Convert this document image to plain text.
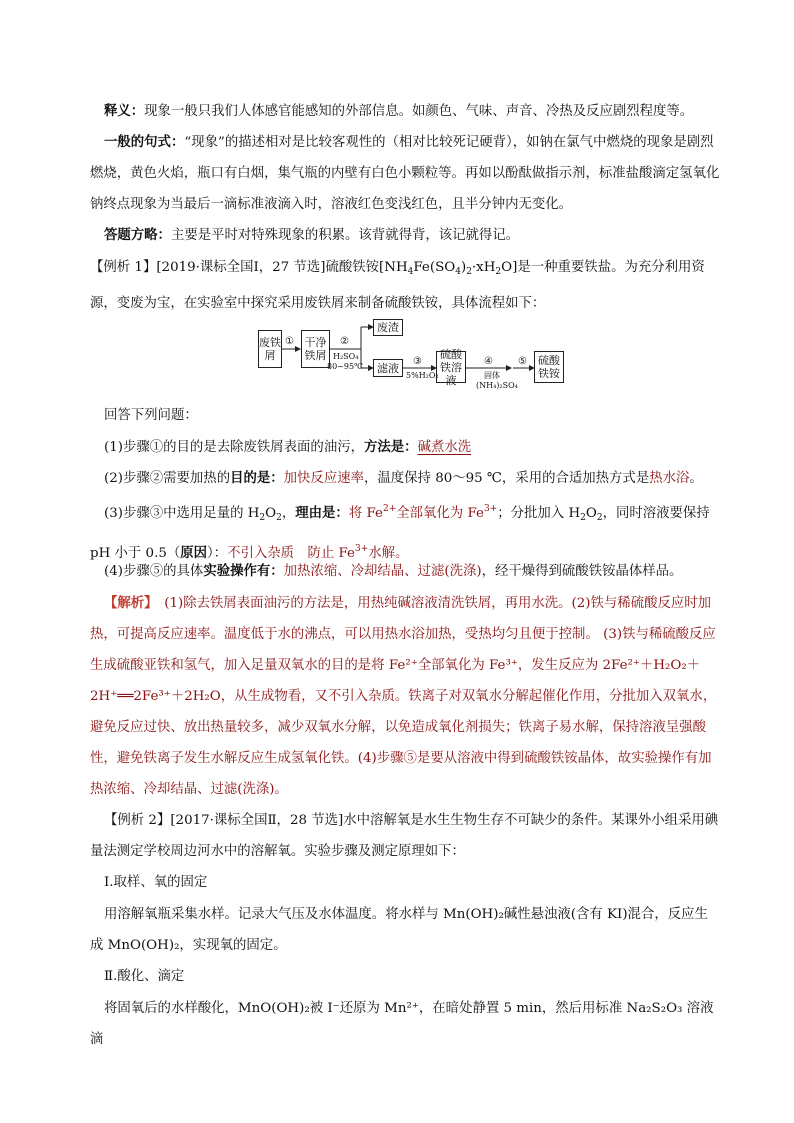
释义：现象一般只我们人体感官能感知的外部信息。如颜色、气味、声音、冷热及反应剧烈程度等。
一般的句式：“现象”的描述相对是比较客观性的（相对比较死记硬背），如钠在氯气中燃烧的现象是剧烈燃烧，黄色火焰，瓶口有白烟，集气瓶的内壁有白色小颗粒等。再如以酚酞做指示剂，标准盐酸滴定氢氧化钠终点现象为当最后一滴标准液滴入时，溶液红色变浅红色，且半分钟内无变化。
答题方略：主要是平时对特殊现象的积累。该背就得背，该记就得记。
【例析 1】[2019·课标全国Ⅰ，27 节选]硫酸铁铵$[NH_4Fe(SO_4)_2\cdot xH_2O]$是一种重要铁盐。为充分利用资源，变废为宝，在实验室中探究采用废铁屑来制备硫酸铁铵，具体流程如下：
废铁屑
干净铁屑
废渣
滤液
硫酸铁溶液
硫酸铁铵
①	②
H₂SO₄
80~95℃	③
5%H₂O₂
④
固体
(NH₄)₂SO₄
⑤
回答下列问题：
(1)步骤①的目的是去除废铁屑表面的油污，方法是：碱煮水洗
(2)步骤②需要加热的目的是：加快反应速率，温度保持 80～95 ℃，采用的合适加热方式是热水浴。
(3)步骤③中选用足量的 $H_2O_2$，理由是：将 $Fe^{2+}$全部氧化为 $Fe^{3+}$；分批加入 $H_2O_2$，同时溶液要保持 pH 小于 0.5（原因）：不引入杂质　防止 $Fe^{3+}$水解。
(4)步骤⑤的具体实验操作有：加热浓缩、冷却结晶、过滤(洗涤)，经干燥得到硫酸铁铵晶体样品。
【解析】　(1)除去铁屑表面油污的方法是，用热纯碱溶液清洗铁屑，再用水洗。(2)铁与稀硫酸反应时加热，可提高反应速率。温度低于水的沸点，可以用热水浴加热，受热均匀且便于控制。 (3)铁与稀硫酸反应生成硫酸亚铁和氢气，加入足量双氧水的目的是将 Fe²⁺全部氧化为 Fe³⁺，发生反应为 2Fe²⁺＋H₂O₂＋2H⁺══2Fe³⁺＋2H₂O，从生成物看，又不引入杂质。铁离子对双氧水分解起催化作用，分批加入双氧水，避免反应过快、放出热量较多，减少双氧水分解，以免造成氧化剂损失；铁离子易水解，保持溶液呈强酸性，避免铁离子发生水解反应生成氢氧化铁。(4)步骤⑤是要从溶液中得到硫酸铁铵晶体，故实验操作有加热浓缩、冷却结晶、过滤(洗涤)。
【例析 2】[2017·课标全国Ⅱ，28 节选]水中溶解氧是水生生物生存不可缺少的条件。某课外小组采用碘量法测定学校周边河水中的溶解氧。实验步骤及测定原理如下：
Ⅰ.取样、氧的固定
用溶解氧瓶采集水样。记录大气压及水体温度。将水样与 Mn(OH)₂碱性悬浊液(含有 KI)混合，反应生成 MnO(OH)₂，实现氧的固定。
Ⅱ.酸化、滴定
将固氧后的水样酸化，MnO(OH)₂被 I⁻还原为 Mn²⁺，在暗处静置 5 min，然后用标准 Na₂S₂O₃ 溶液滴
